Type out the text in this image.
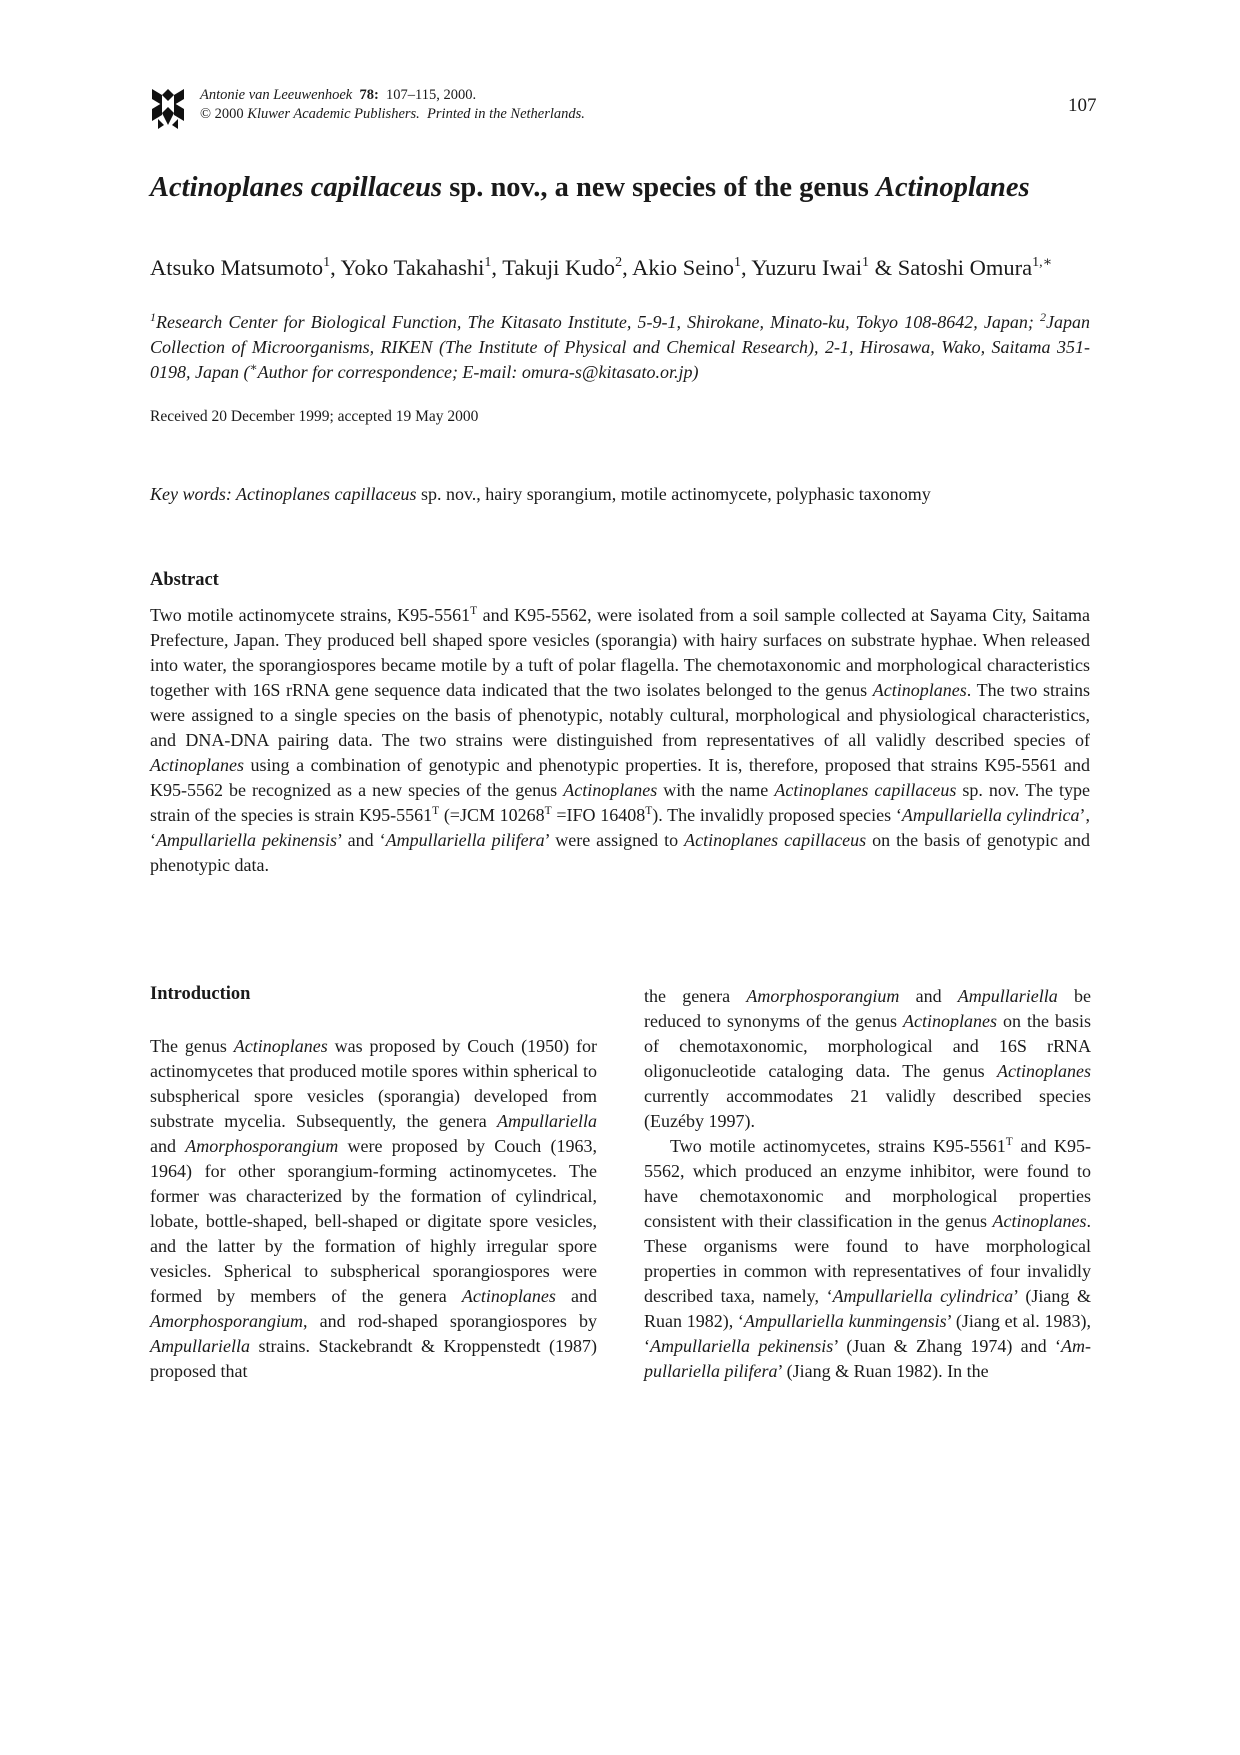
Antonie van Leeuwenhoek 78: 107–115, 2000.
© 2000 Kluwer Academic Publishers. Printed in the Netherlands.	107
Actinoplanes capillaceus sp. nov., a new species of the genus Actinoplanes
Atsuko Matsumoto$^1$, Yoko Takahashi$^1$, Takuji Kudo$^2$, Akio Seino$^1$, Yuzuru Iwai$^1$ & Satoshi Omura$^{1,∗}$
$^1$Research Center for Biological Function, The Kitasato Institute, 5-9-1, Shirokane, Minato-ku, Tokyo 108-8642, Japan; $^2$Japan Collection of Microorganisms, RIKEN (The Institute of Physical and Chemical Research), 2-1, Hirosawa, Wako, Saitama 351-0198, Japan (∗Author for correspondence; E-mail: omura-s@kitasato.or.jp)
Received 20 December 1999; accepted 19 May 2000
Key words: Actinoplanes capillaceus sp. nov., hairy sporangium, motile actinomycete, polyphasic taxonomy
Abstract
Two motile actinomycete strains, $K95-5561^T$ and K95-5562, were isolated from a soil sample collected at Sayama City, Saitama Prefecture, Japan. They produced bell shaped spore vesicles (sporangia) with hairy surfaces on substrate hyphae. When released into water, the sporangiospores became motile by a tuft of polar flagella. The chemotaxonomic and morphological characteristics together with 16S rRNA gene sequence data indicated that the two isolates belonged to the genus Actinoplanes. The two strains were assigned to a single species on the basis of phenotypic, notably cultural, morphological and physiological characteristics, and DNA-DNA pairing data. The two strains were distinguished from representatives of all validly described species of Actinoplanes using a combination of genotypic and phenotypic properties. It is, therefore, proposed that strains K95-5561 and K95-5562 be recognized as a new species of the genus Actinoplanes with the name Actinoplanes capillaceus sp. nov. The type strain of the species is strain $K95-5561^T$ (=JCM $10268^T =IFO$ $16408^T$). The invalidly proposed species ‘Ampullariella cylindrica’, ‘Ampullariella pekinensis’ and ‘Ampullariella pilifera’ were assigned to Actinoplanes capillaceus on the basis of genotypic and phenotypic data.
Introduction

The genus Actinoplanes was proposed by Couch (1950) for actinomycetes that produced motile spores within spherical to subspherical spore vesicles (sporangia) developed from substrate mycelia. Subsequently, the genera Ampullariella and Amorphosporangium were proposed by Couch (1963, 1964) for other sporangium-forming actinomycetes. The former was characterized by the formation of cylindrical, lobate, bottle-shaped, bell-shaped or digitate spore vesicles, and the latter by the formation of highly irregular spore vesicles. Spherical to subspherical sporangiospores were formed by members of the genera Actinoplanes and Amorphosporangium, and rod-shaped sporangiospores by Ampullariella strains. Stackebrandt & Kroppenstedt (1987) proposed that

the genera Amorphosporangium and Ampullariella be reduced to synonyms of the genus Actinoplanes on the basis of chemotaxonomic, morphological and 16S rRNA oligonucleotide cataloging data. The genus Actinoplanes currently accommodates 21 validly described species (Euzéby 1997).

Two motile actinomycetes, strains $K95-5561^T$ and K95-5562, which produced an enzyme inhibitor, were found to have chemotaxonomic and morphological properties consistent with their classification in the genus Actinoplanes. These organisms were found to have morphological properties in common with representatives of four invalidly described taxa, namely, ‘Ampullariella cylindrica’ (Jiang & Ruan 1982), ‘Ampullariella kunmingensis’ (Jiang et al. 1983), ‘Ampullariella pekinensis’ (Juan & Zhang 1974) and ‘Ampullariella pilifera’ (Jiang & Ruan 1982). In the
